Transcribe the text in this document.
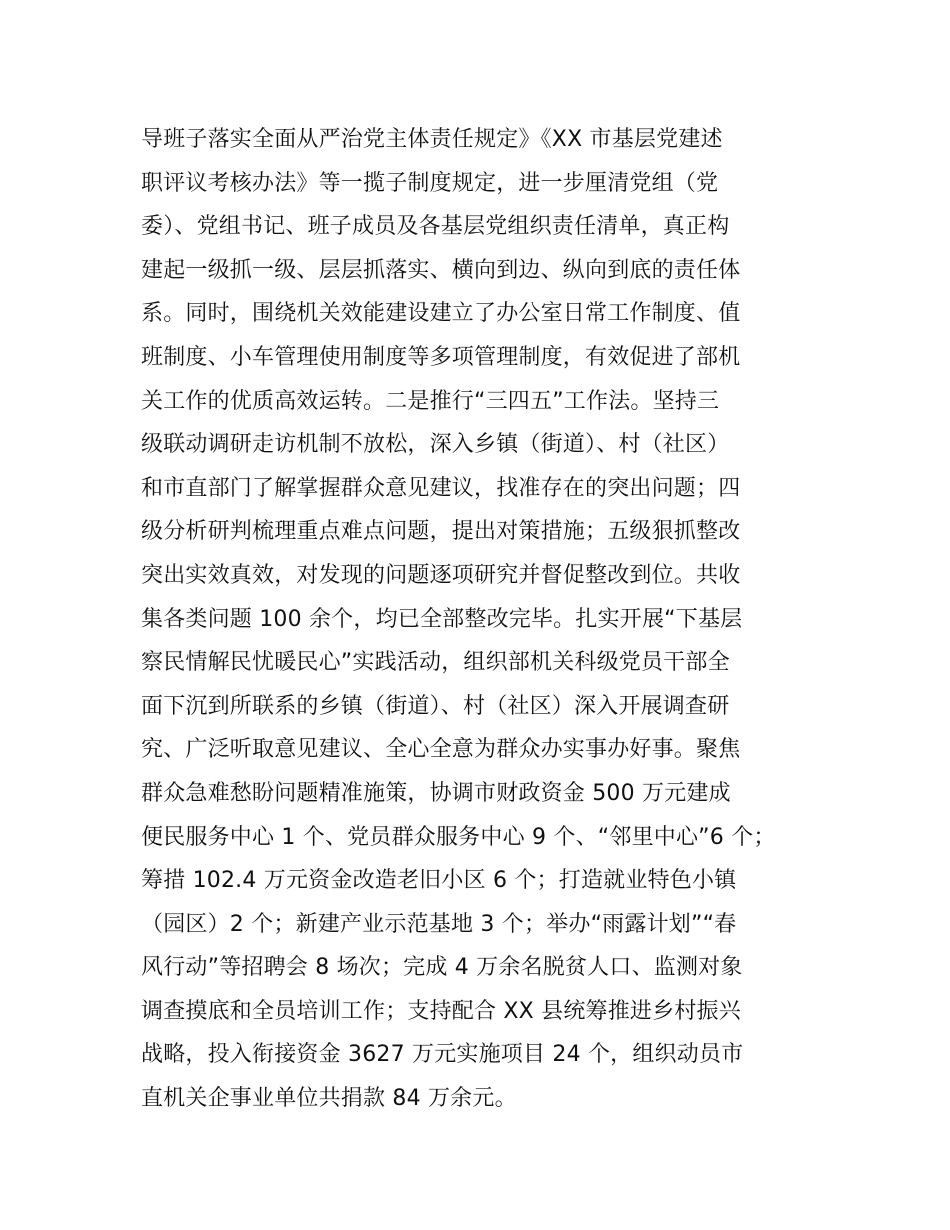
导班子落实全面从严治党主体责任规定》《XX 市基层党建述
职评议考核办法》等一揽子制度规定，进一步厘清党组（党
委）、党组书记、班子成员及各基层党组织责任清单，真正构
建起一级抓一级、层层抓落实、横向到边、纵向到底的责任体
系。同时，围绕机关效能建设建立了办公室日常工作制度、值
班制度、小车管理使用制度等多项管理制度，有效促进了部机
关工作的优质高效运转。二是推行“三四五”工作法。坚持三
级联动调研走访机制不放松，深入乡镇（街道）、村（社区）
和市直部门了解掌握群众意见建议，找准存在的突出问题；四
级分析研判梳理重点难点问题，提出对策措施；五级狠抓整改
突出实效真效，对发现的问题逐项研究并督促整改到位。共收
集各类问题 100 余个，均已全部整改完毕。扎实开展“下基层
察民情解民忧暖民心”实践活动，组织部机关科级党员干部全
面下沉到所联系的乡镇（街道）、村（社区）深入开展调查研
究、广泛听取意见建议、全心全意为群众办实事办好事。聚焦
群众急难愁盼问题精准施策，协调市财政资金 500 万元建成
便民服务中心 1 个、党员群众服务中心 9 个、“邻里中心”6 个；
筹措 102.4 万元资金改造老旧小区 6 个；打造就业特色小镇
（园区）2 个；新建产业示范基地 3 个；举办“雨露计划”“春
风行动”等招聘会 8 场次；完成 4 万余名脱贫人口、监测对象
调查摸底和全员培训工作；支持配合 XX 县统筹推进乡村振兴
战略，投入衔接资金 3627 万元实施项目 24 个，组织动员市
直机关企事业单位共捐款 84 万余元。
